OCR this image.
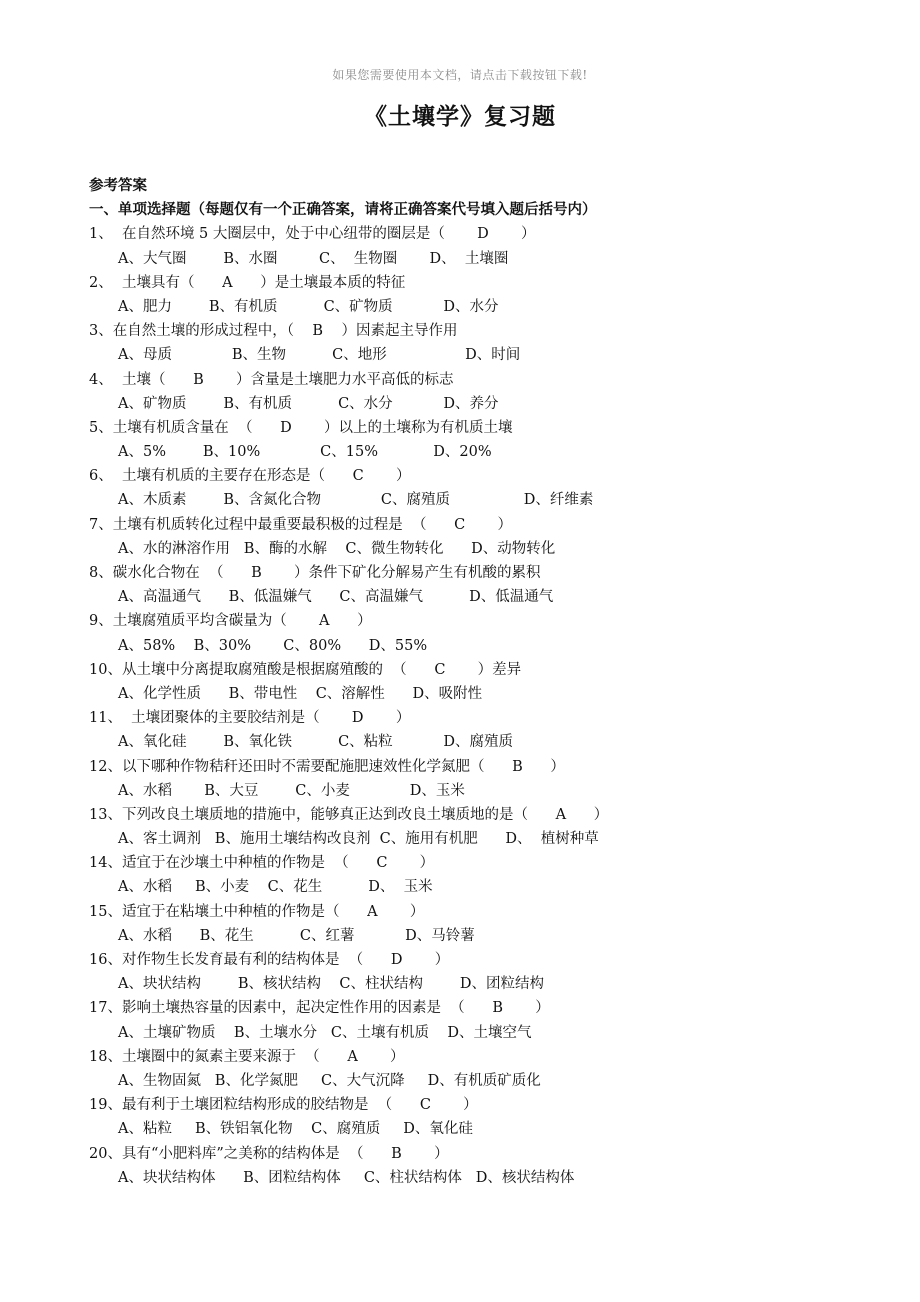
如果您需要使用本文档，请点击下载按钮下载!
《土壤学》复习题
参考答案
一、单项选择题（每题仅有一个正确答案，请将正确答案代号填入题后括号内）
1、  在自然环境 5 大圈层中，处于中心纽带的圈层是（       D       ）
A、大气圈        B、水圈         C、  生物圈       D、  土壤圈
2、  土壤具有（      A      ）是土壤最本质的特征
A、肥力        B、有机质          C、矿物质           D、水分
3、在自然土壤的形成过程中，（    B    ）因素起主导作用
A、母质             B、生物          C、地形                 D、时间
4、  土壤（      B       ）含量是土壤肥力水平高低的标志
A、矿物质        B、有机质          C、水分           D、养分
5、土壤有机质含量在  （      D       ）以上的土壤称为有机质土壤
A、5%        B、10%             C、15%            D、20%
6、  土壤有机质的主要存在形态是（      C       ）
A、木质素        B、含氮化合物             C、腐殖质                D、纤维素
7、土壤有机质转化过程中最重要最积极的过程是  （      C       ）
A、水的淋溶作用   B、酶的水解    C、微生物转化      D、动物转化
8、碳水化合物在  （      B       ）条件下矿化分解易产生有机酸的累积
A、高温通气      B、低温嫌气      C、高温嫌气          D、低温通气
9、土壤腐殖质平均含碳量为（       A      ）
A、58%    B、30%       C、80%      D、55%
10、从土壤中分离提取腐殖酸是根据腐殖酸的  （      C       ）差异
A、化学性质      B、带电性    C、溶解性      D、吸附性
11、  土壤团聚体的主要胶结剂是（       D       ）
A、氧化硅        B、氧化铁          C、粘粒           D、腐殖质
12、以下哪种作物秸秆还田时不需要配施肥速效性化学氮肥（      B      ）
A、水稻       B、大豆        C、小麦             D、玉米
13、下列改良土壤质地的措施中，能够真正达到改良土壤质地的是（      A      ）
A、客土调剂   B、施用土壤结构改良剂  C、施用有机肥      D、  植树种草
14、适宜于在沙壤土中种植的作物是  （      C       ）
A、水稻     B、小麦    C、花生          D、  玉米
15、适宜于在粘壤土中种植的作物是（      A       ）
A、水稻      B、花生          C、红薯           D、马铃薯
16、对作物生长发育最有利的结构体是  （      D       ）
A、块状结构        B、核状结构    C、柱状结构        D、团粒结构
17、影响土壤热容量的因素中，起决定性作用的因素是  （      B       ）
A、土壤矿物质    B、土壤水分   C、土壤有机质    D、土壤空气
18、土壤圈中的氮素主要来源于  （      A       ）
A、生物固氮   B、化学氮肥     C、大气沉降     D、有机质矿质化
19、最有利于土壤团粒结构形成的胶结物是  （      C       ）
A、粘粒     B、铁铝氧化物    C、腐殖质     D、氧化硅
20、具有“小肥料库”之美称的结构体是  （      B       ）
A、块状结构体      B、团粒结构体     C、柱状结构体   D、核状结构体
